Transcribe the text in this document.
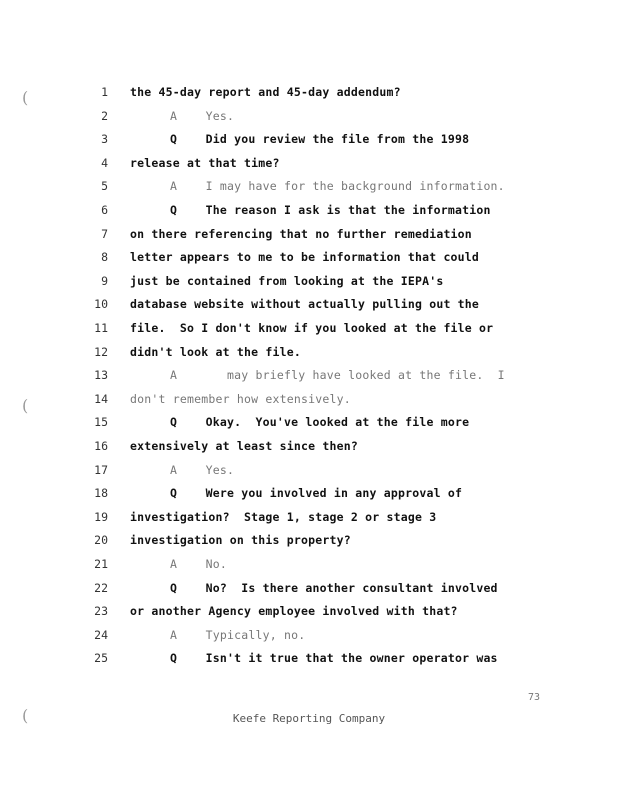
(
(
(
1 the 45-day report and 45-day addendum?
2	A    Yes.
3	Q    Did you review the file from the 1998
4 release at that time?
5	A    I may have for the background information.
6	Q    The reason I ask is that the information
7 on there referencing that no further remediation
8 letter appears to me to be information that could
9 just be contained from looking at the IEPA's
10 database website without actually pulling out the
11 file.  So I don't know if you looked at the file or
12 didn't look at the file.
13	A       may briefly have looked at the file.  I
14 don't remember how extensively.
15	Q    Okay.  You've looked at the file more
16 extensively at least since then?
17	A    Yes.
18	Q    Were you involved in any approval of
19 investigation?  Stage 1, stage 2 or stage 3
20 investigation on this property?
21	A    No.
22	Q    No?  Is there another consultant involved
23 or another Agency employee involved with that?
24	A    Typically, no.
25	Q    Isn't it true that the owner operator was
73
Keefe Reporting Company
